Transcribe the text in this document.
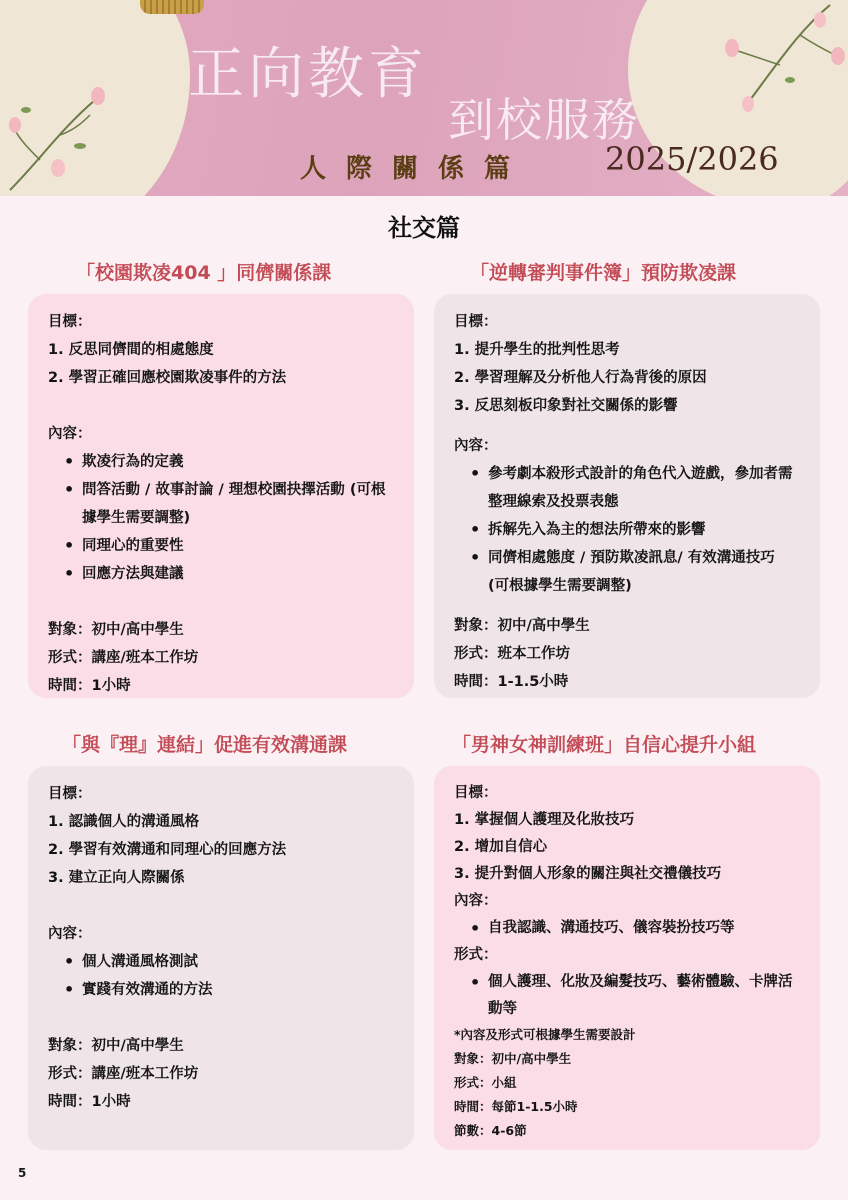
正向教育
到校服務
人際關係篇 2025/2026
社交篇
「校園欺凌404 」同儕關係課
目標：
1. 反思同儕間的相處態度
2. 學習正確回應校園欺凌事件的方法
內容：
• 欺凌行為的定義
• 問答活動 / 故事討論 / 理想校園抉擇活動 (可根據學生需要調整)
• 同理心的重要性
• 回應方法與建議
對象：初中/高中學生
形式：講座/班本工作坊
時間：1小時
「逆轉審判事件簿」預防欺凌課
目標：
1. 提升學生的批判性思考
2. 學習理解及分析他人行為背後的原因
3. 反思刻板印象對社交關係的影響
內容：
• 參考劇本殺形式設計的角色代入遊戲，參加者需整理線索及投票表態
• 拆解先入為主的想法所帶來的影響
• 同儕相處態度 / 預防欺凌訊息/ 有效溝通技巧 (可根據學生需要調整)
對象：初中/高中學生
形式：班本工作坊
時間：1-1.5小時
「與『理』連結」促進有效溝通課
目標：
1. 認識個人的溝通風格
2. 學習有效溝通和同理心的回應方法
3. 建立正向人際關係
內容：
• 個人溝通風格測試
• 實踐有效溝通的方法
對象：初中/高中學生
形式：講座/班本工作坊
時間：1小時
「男神女神訓練班」自信心提升小組
目標：
1. 掌握個人護理及化妝技巧
2. 增加自信心
3. 提升對個人形象的關注與社交禮儀技巧
內容：
• 自我認識、溝通技巧、儀容裝扮技巧等
形式：
• 個人護理、化妝及編髮技巧、藝術體驗、卡牌活動等
*內容及形式可根據學生需要設計
對象：初中/高中學生
形式：小組
時間：每節1-1.5小時
節數：4-6節
5
